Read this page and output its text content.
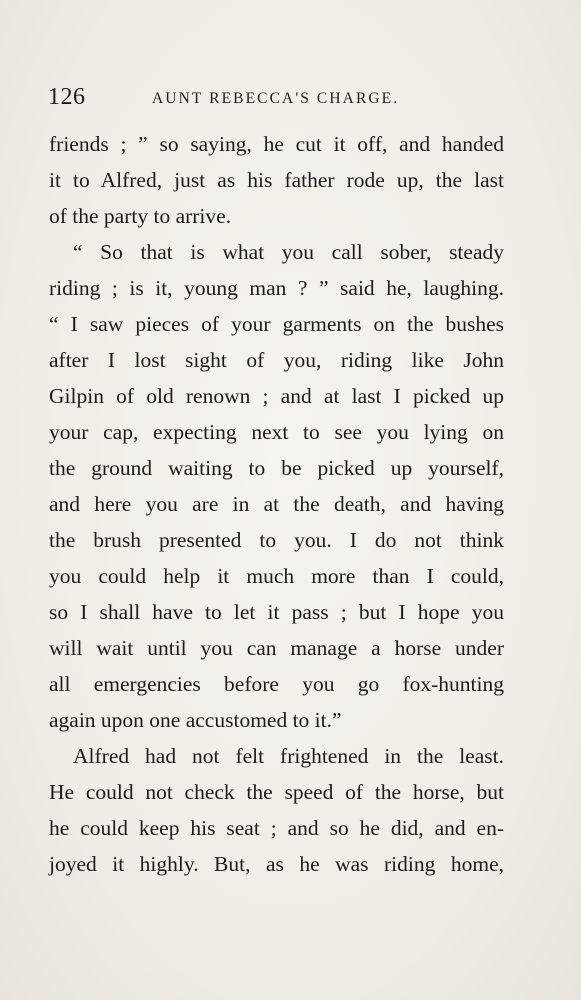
126	AUNT REBECCA'S CHARGE.
friends ; ” so saying, he cut it off, and handed
it to Alfred, just as his father rode up, the last
of the party to arrive.
“ So that is what you call sober, steady
riding ; is it, young man ? ” said he, laughing.
“ I saw pieces of your garments on the bushes
after I lost sight of you, riding like John
Gilpin of old renown ; and at last I picked up
your cap, expecting next to see you lying on
the ground waiting to be picked up yourself,
and here you are in at the death, and having
the brush presented to you. I do not think
you could help it much more than I could,
so I shall have to let it pass ; but I hope you
will wait until you can manage a horse under
all emergencies before you go fox-hunting
again upon one accustomed to it.”
Alfred had not felt frightened in the least.
He could not check the speed of the horse, but
he could keep his seat ; and so he did, and en-
joyed it highly. But, as he was riding home,
